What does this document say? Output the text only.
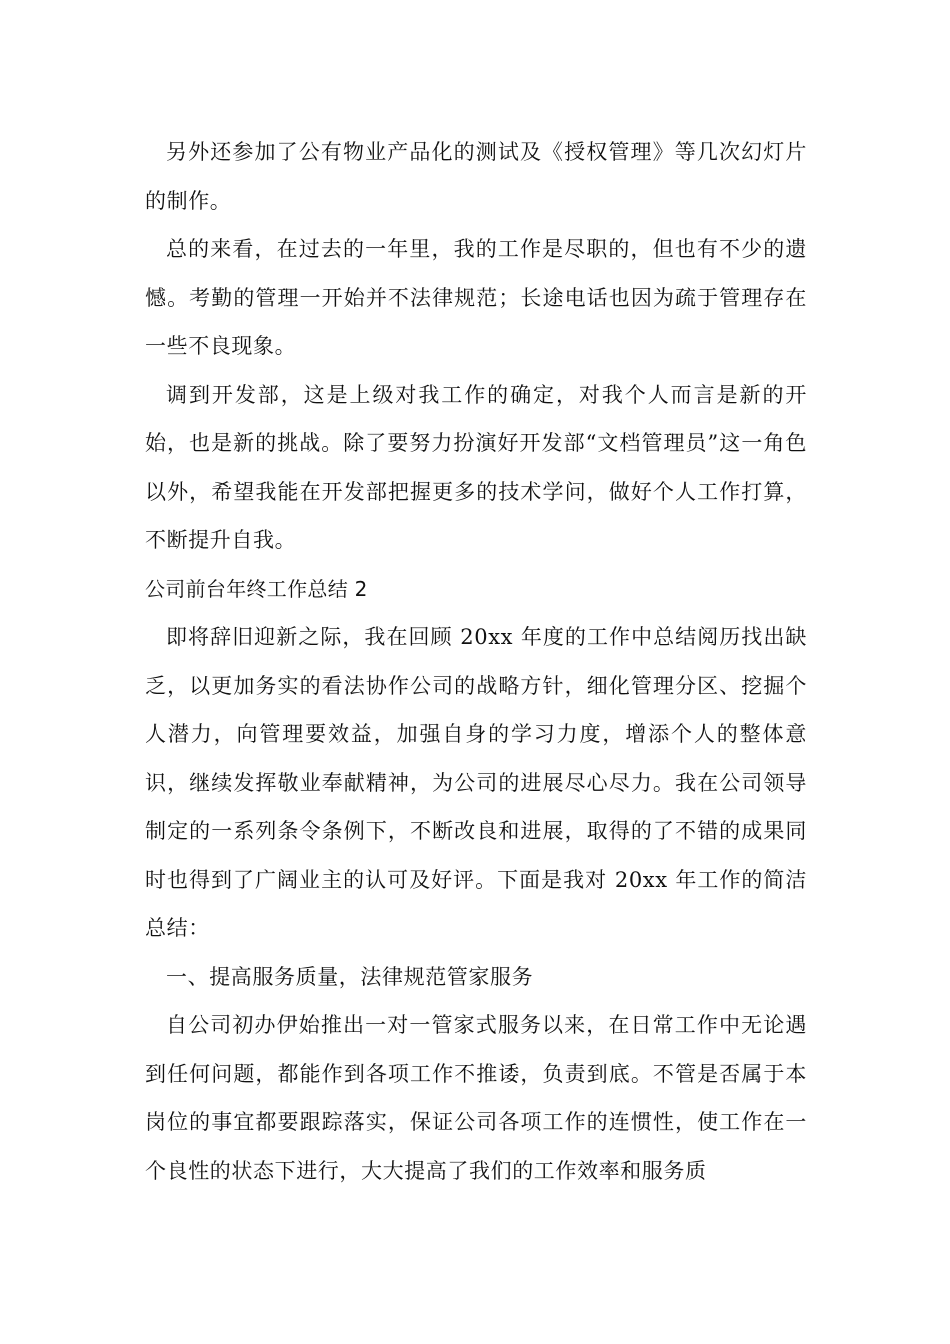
另外还参加了公有物业产品化的测试及《授权管理》等几次幻灯片的制作。

总的来看，在过去的一年里，我的工作是尽职的，但也有不少的遗憾。考勤的管理一开始并不法律规范；长途电话也因为疏于管理存在一些不良现象。

调到开发部，这是上级对我工作的确定，对我个人而言是新的开始，也是新的挑战。除了要努力扮演好开发部“文档管理员”这一角色以外，希望我能在开发部把握更多的技术学问，做好个人工作打算，不断提升自我。

公司前台年终工作总结 2

即将辞旧迎新之际，我在回顾 20xx 年度的工作中总结阅历找出缺乏，以更加务实的看法协作公司的战略方针，细化管理分区、挖掘个人潜力，向管理要效益，加强自身的学习力度，增添个人的整体意识，继续发挥敬业奉献精神，为公司的进展尽心尽力。我在公司领导制定的一系列条令条例下，不断改良和进展，取得的了不错的成果同时也得到了广阔业主的认可及好评。下面是我对 20xx 年工作的简洁总结：

一、提高服务质量，法律规范管家服务

自公司初办伊始推出一对一管家式服务以来，在日常工作中无论遇到任何问题，都能作到各项工作不推诿，负责到底。不管是否属于本岗位的事宜都要跟踪落实，保证公司各项工作的连惯性，使工作在一个良性的状态下进行，大大提高了我们的工作效率和服务质
